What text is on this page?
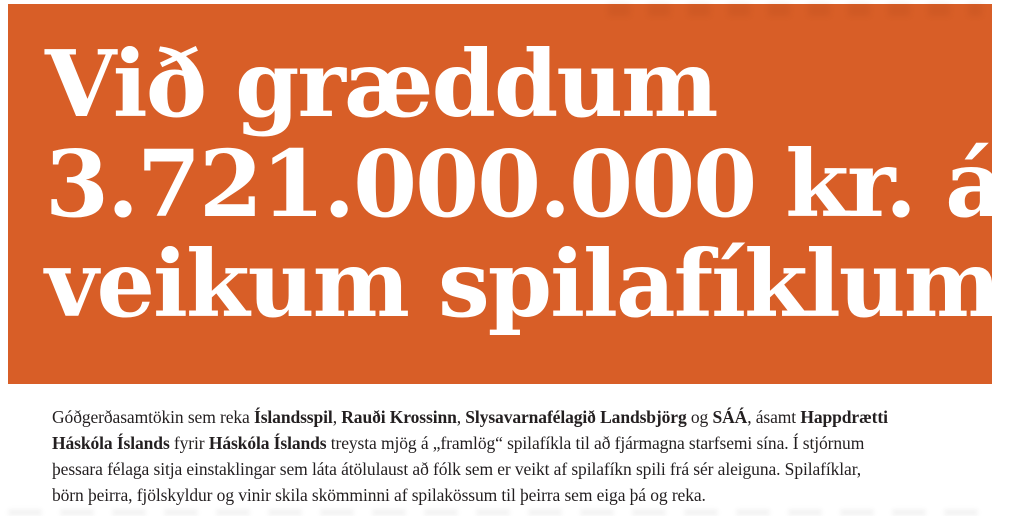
Við græddum
3.721.000.000 kr. á
veikum spilafíklum *
Góðgerðasamtökin sem reka Íslandsspil, Rauði Krossinn, Slysavarnafélagið Landsbjörg og SÁÁ, ásamt Happdrætti
Háskóla Íslands fyrir Háskóla Íslands treysta mjög á „framlög“ spilafíkla til að fjármagna starfsemi sína. Í stjórnum
þessara félaga sitja einstaklingar sem láta átölulaust að fólk sem er veikt af spilafíkn spili frá sér aleiguna. Spilafíklar,
börn þeirra, fjölskyldur og vinir skila skömminni af spilakössum til þeirra sem eiga þá og reka.
